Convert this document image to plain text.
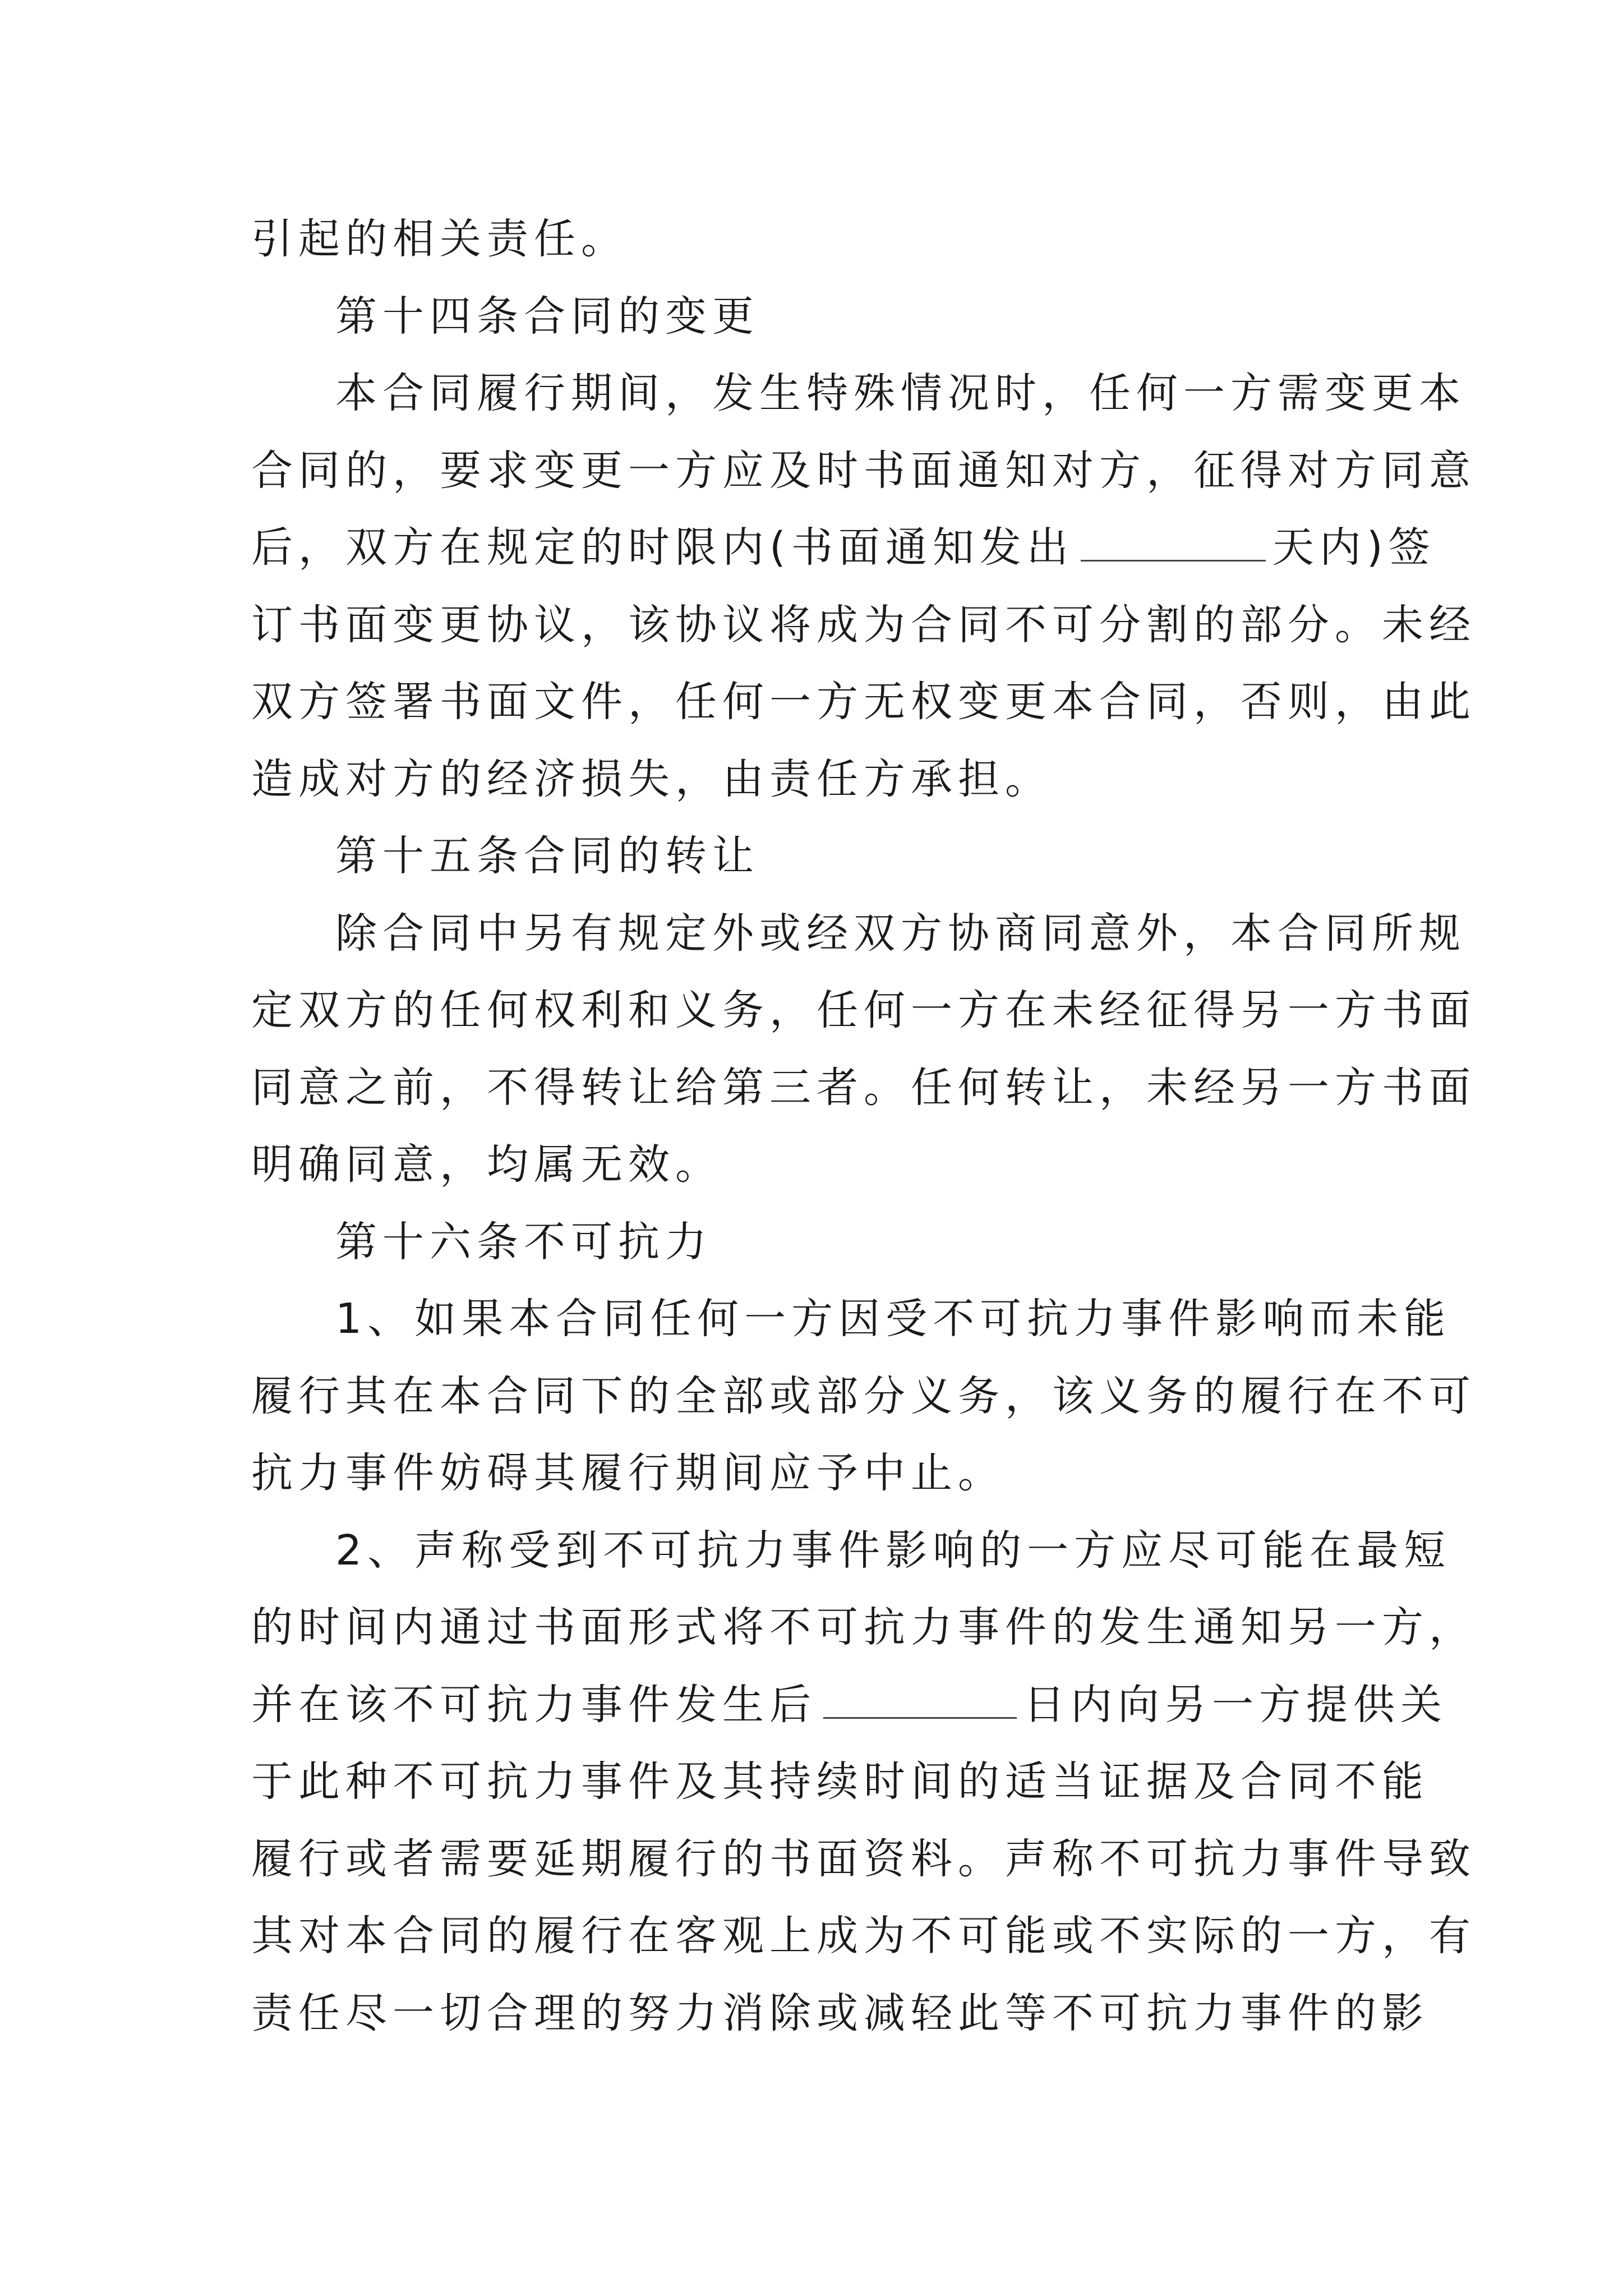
引起的相关责任。
第十四条合同的变更
本合同履行期间，发生特殊情况时，任何一方需变更本
合同的，要求变更一方应及时书面通知对方，征得对方同意
后，双方在规定的时限内(书面通知发出	天内)签
订书面变更协议，该协议将成为合同不可分割的部分。未经
双方签署书面文件，任何一方无权变更本合同，否则，由此
造成对方的经济损失，由责任方承担。
第十五条合同的转让
除合同中另有规定外或经双方协商同意外，本合同所规
定双方的任何权利和义务，任何一方在未经征得另一方书面
同意之前，不得转让给第三者。任何转让，未经另一方书面
明确同意，均属无效。
第十六条不可抗力
1、如果本合同任何一方因受不可抗力事件影响而未能
履行其在本合同下的全部或部分义务，该义务的履行在不可
抗力事件妨碍其履行期间应予中止。
2、声称受到不可抗力事件影响的一方应尽可能在最短
的时间内通过书面形式将不可抗力事件的发生通知另一方，
并在该不可抗力事件发生后	日内向另一方提供关
于此种不可抗力事件及其持续时间的适当证据及合同不能
履行或者需要延期履行的书面资料。声称不可抗力事件导致
其对本合同的履行在客观上成为不可能或不实际的一方，有
责任尽一切合理的努力消除或减轻此等不可抗力事件的影
